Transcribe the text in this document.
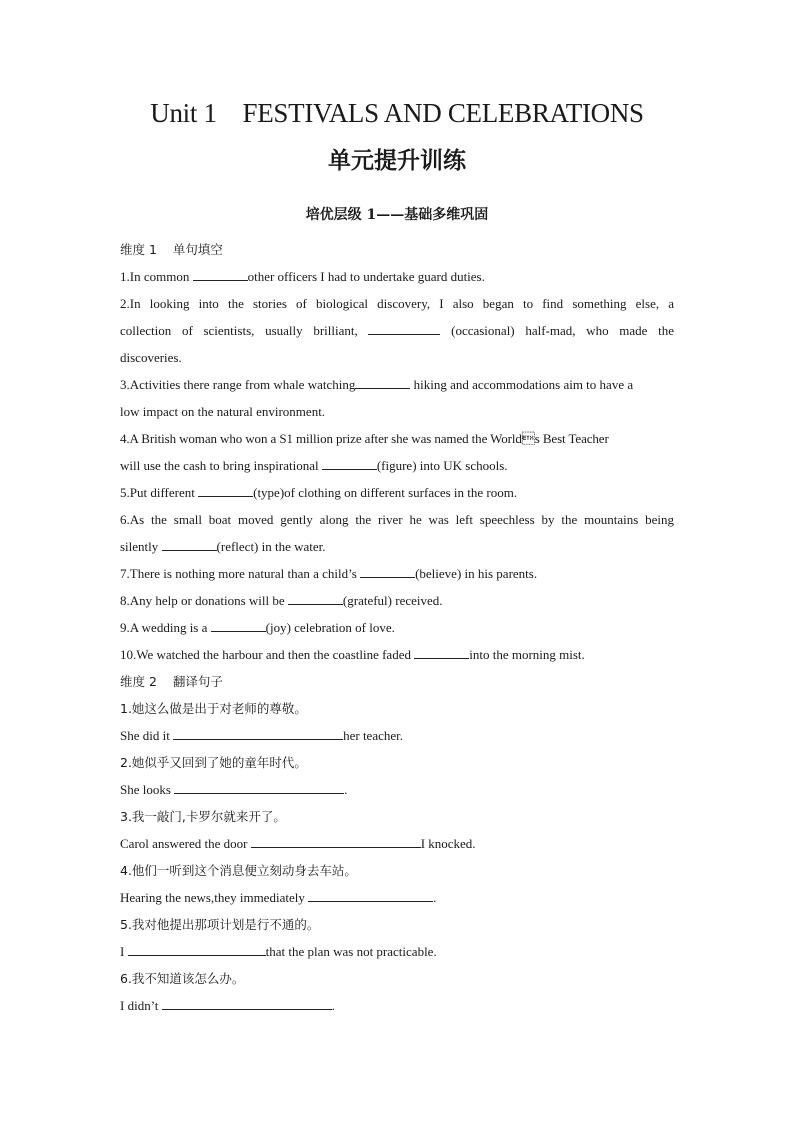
Unit 1    FESTIVALS AND CELEBRATIONS
单元提升训练
培优层级 1——基础多维巩固
维度 1    单句填空
1.In common	other officers I had to undertake guard duties.
2.In looking into the stories of biological discovery, I also began to find something else, a
collection of scientists, usually brilliant,	(occasional) half-mad, who made the
discoveries.
3.Activities there range from whale watching	hiking and accommodations aim to have a
low impact on the natural environment.
4.A British woman who won a S1 million prize after she was named the Worlds Best Teacher
will use the cash to bring inspirational	(figure) into UK schools.
5.Put different	(type)of clothing on different surfaces in the room.
6.As the small boat moved gently along the river he was left speechless by the mountains being
silently	(reflect) in the water.
7.There is nothing more natural than a child’s	(believe) in his parents.
8.Any help or donations will be	(grateful) received.
9.A wedding is a	(joy) celebration of love.
10.We watched the harbour and then the coastline faded	into the morning mist.
维度 2    翻译句子
1.她这么做是出于对老师的尊敬。
She did it	her teacher.
2.她似乎又回到了她的童年时代。
She looks	.
3.我一敲门,卡罗尔就来开了。
Carol answered the door	I knocked.
4.他们一听到这个消息便立刻动身去车站。
Hearing the news,they immediately	.
5.我对他提出那项计划是行不通的。
I	that the plan was not practicable.
6.我不知道该怎么办。
I didn’t	.
